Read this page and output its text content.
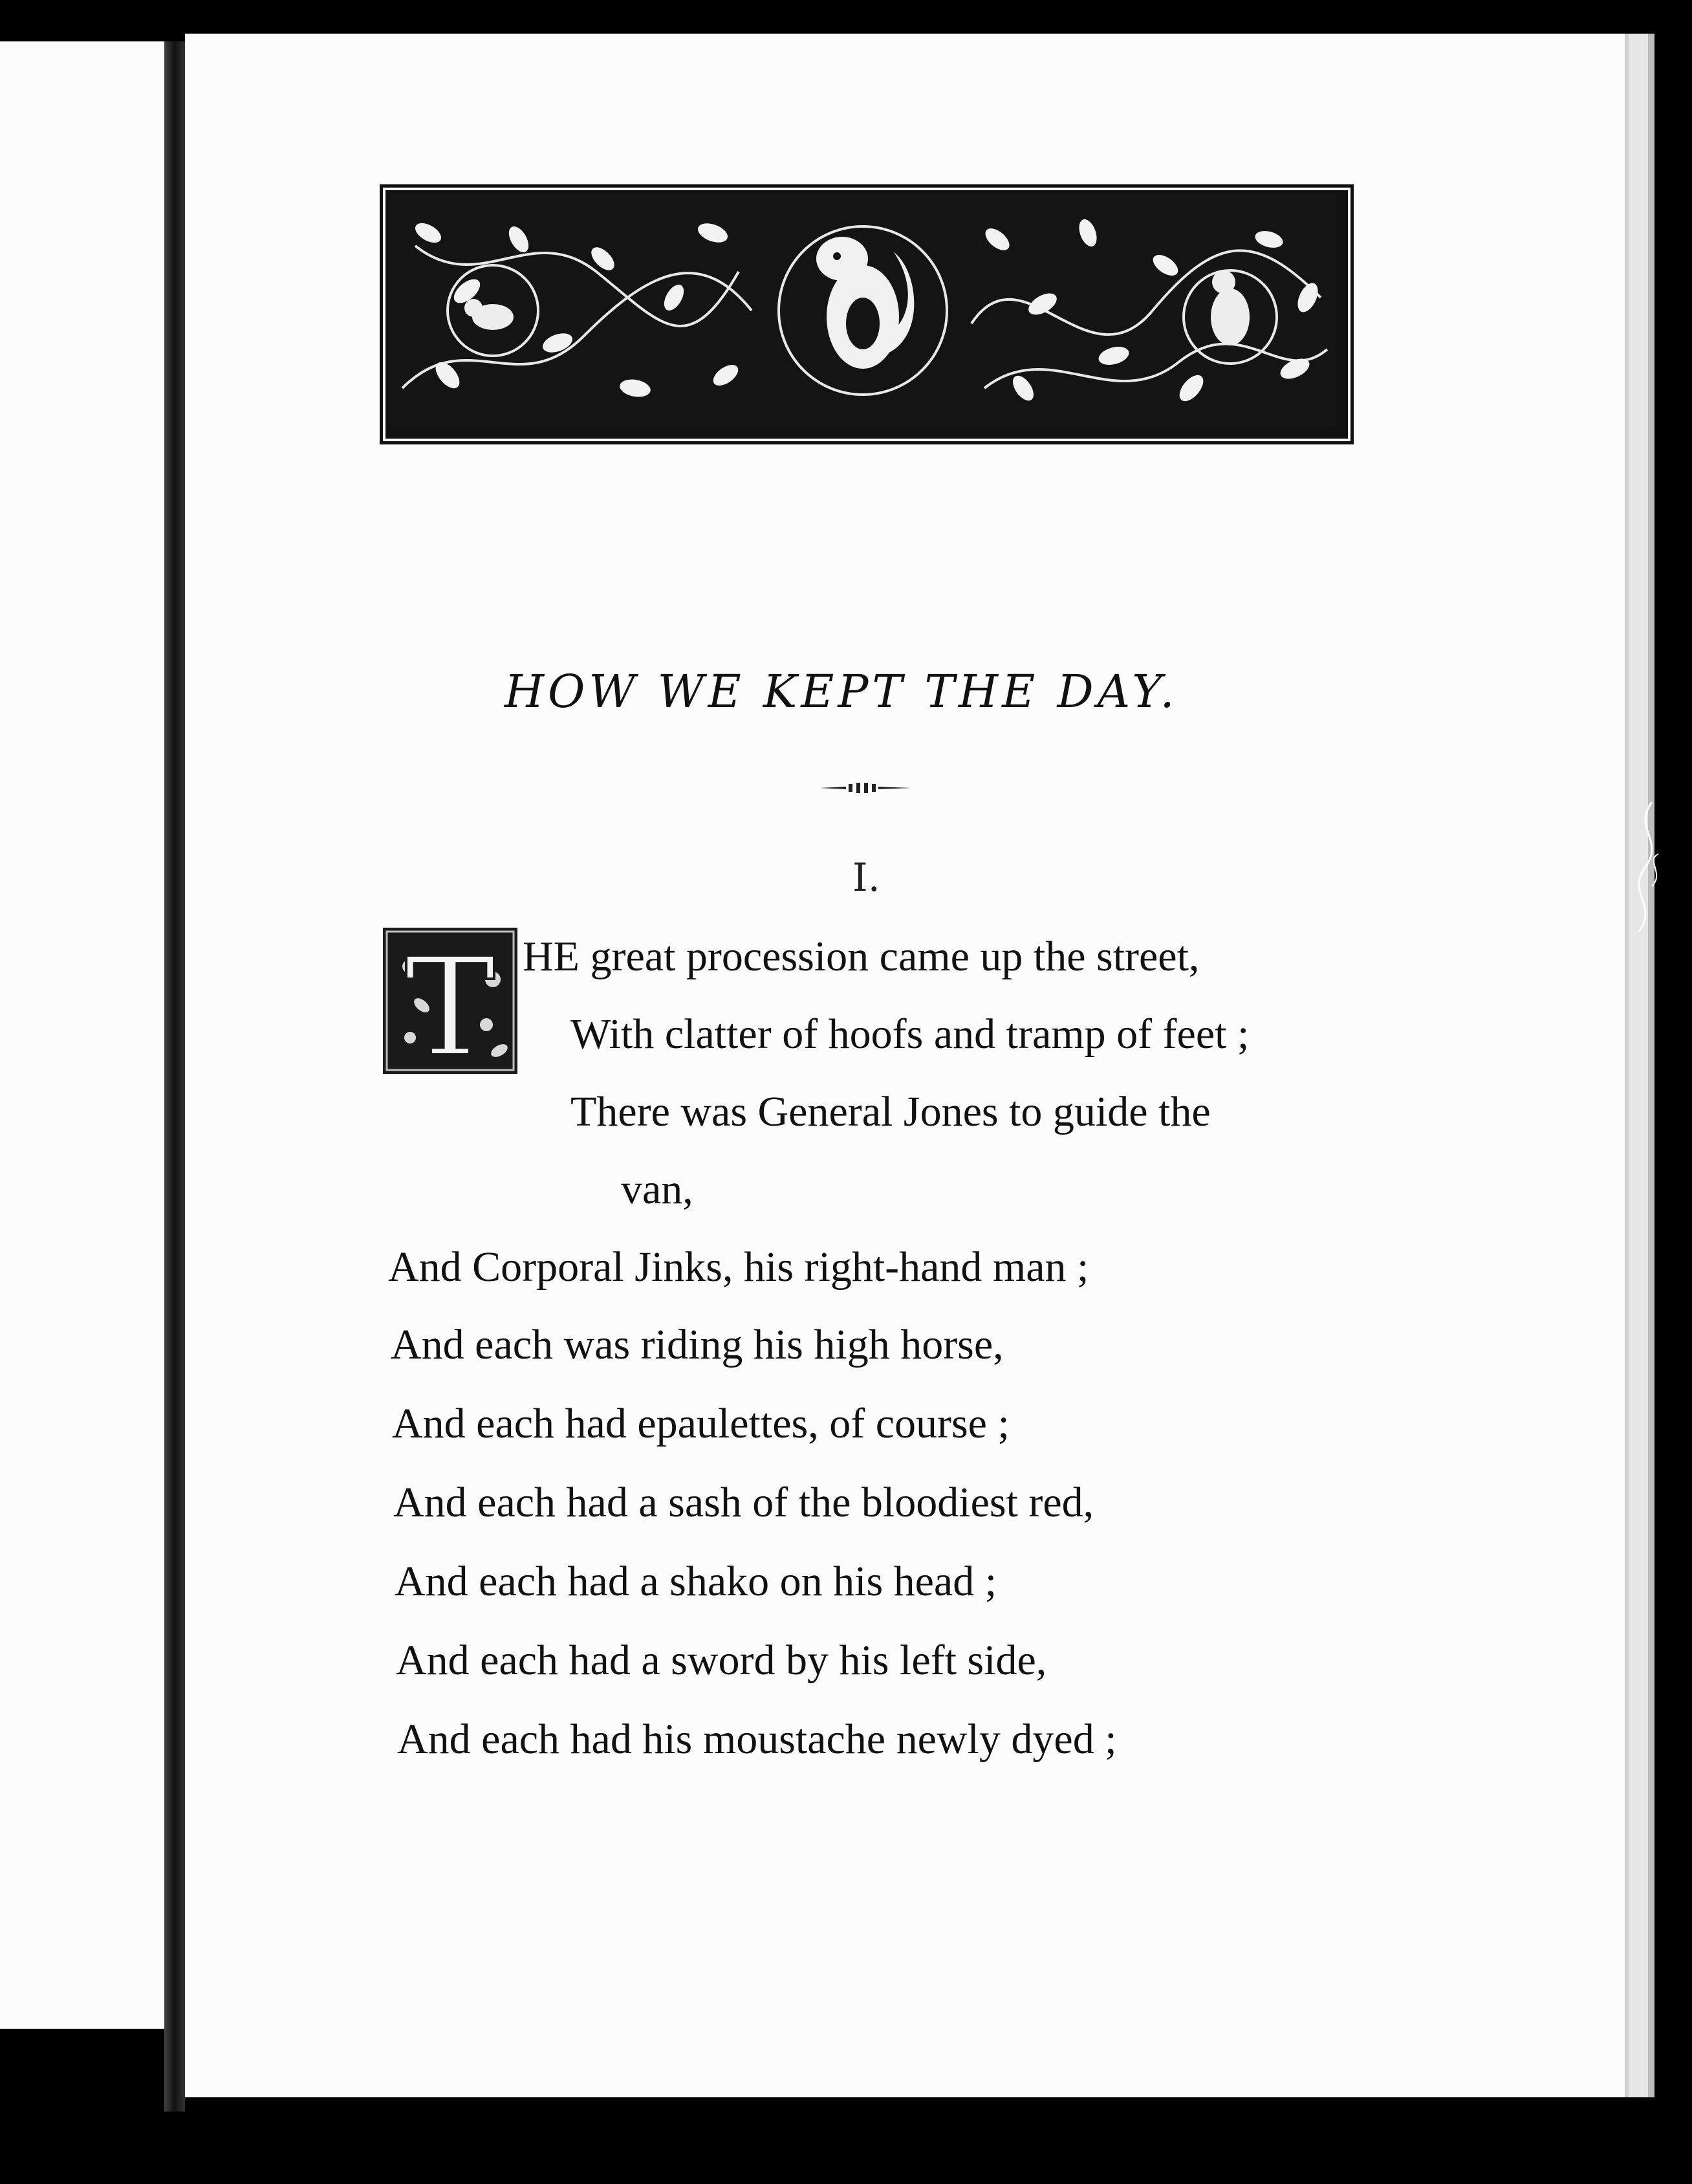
HOW WE KEPT THE DAY.

I.

T HE great procession came up the street,

With clatter of hoofs and tramp of feet ;

There was General Jones to guide the

van,

And Corporal Jinks, his right-hand man ;

And each was riding his high horse,

And each had epaulettes, of course ;

And each had a sash of the bloodiest red,

And each had a shako on his head ;

And each had a sword by his left side,

And each had his moustache newly dyed ;
